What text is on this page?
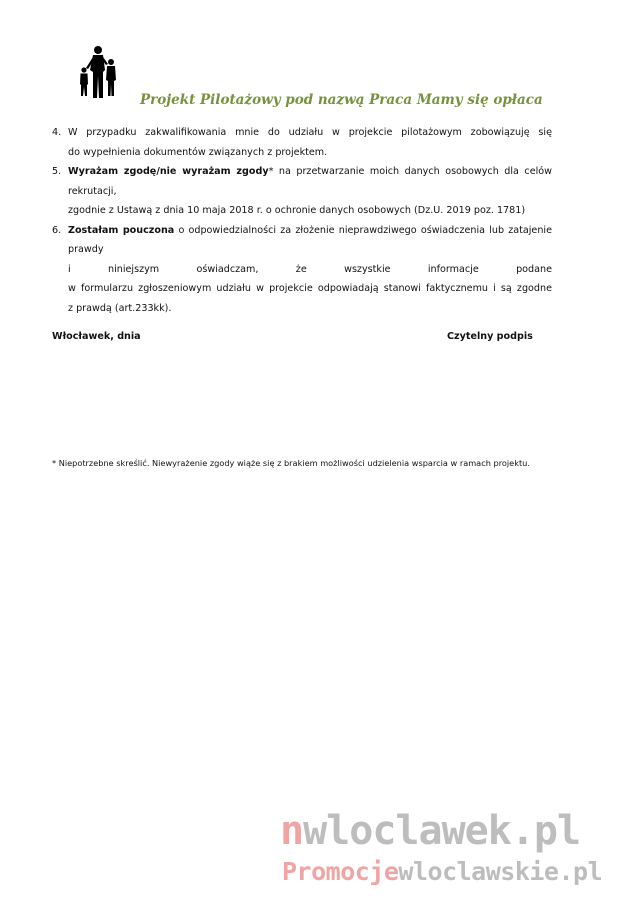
Projekt Pilotażowy pod nazwą Praca Mamy się opłaca
4. W przypadku zakwalifikowania mnie do udziału w projekcie pilotażowym zobowiązuję się
do wypełnienia dokumentów związanych z projektem.
5. Wyrażam zgodę/nie wyrażam zgody* na przetwarzanie moich danych osobowych dla celów rekrutacji,
zgodnie z Ustawą z dnia 10 maja 2018 r. o ochronie danych osobowych (Dz.U. 2019 poz. 1781)
6. Zostałam pouczona o odpowiedzialności za złożenie nieprawdziwego oświadczenia lub zatajenie prawdy
i niniejszym oświadczam, że wszystkie informacje podane
w formularzu zgłoszeniowym udziału w projekcie odpowiadają stanowi faktycznemu i są zgodne
z prawdą (art.233kk).
Włocławek, dnia	Czytelny podpis
* Niepotrzebne skreślić. Niewyrażenie zgody wiąże się z brakiem możliwości udzielenia wsparcia w ramach projektu.
nwloclawek.pl
Promocjewloclawskie.pl
